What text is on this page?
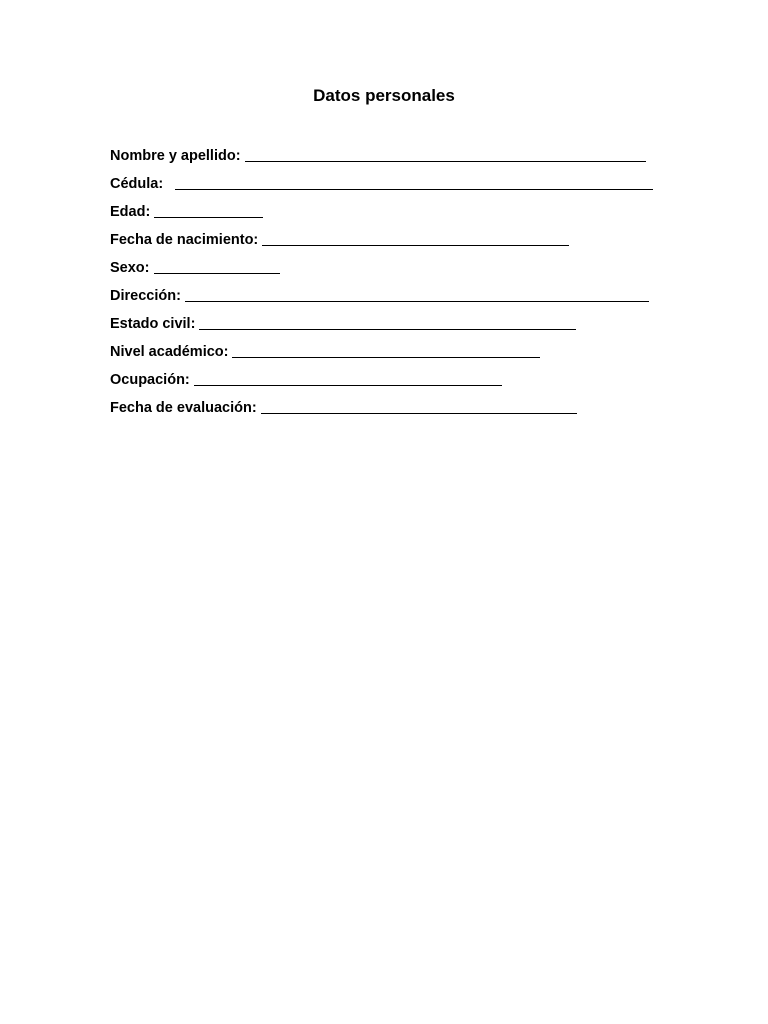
Datos personales
Nombre y apellido:
Cédula:
Edad:
Fecha de nacimiento:
Sexo:
Dirección:
Estado civil:
Nivel académico:
Ocupación:
Fecha de evaluación:
